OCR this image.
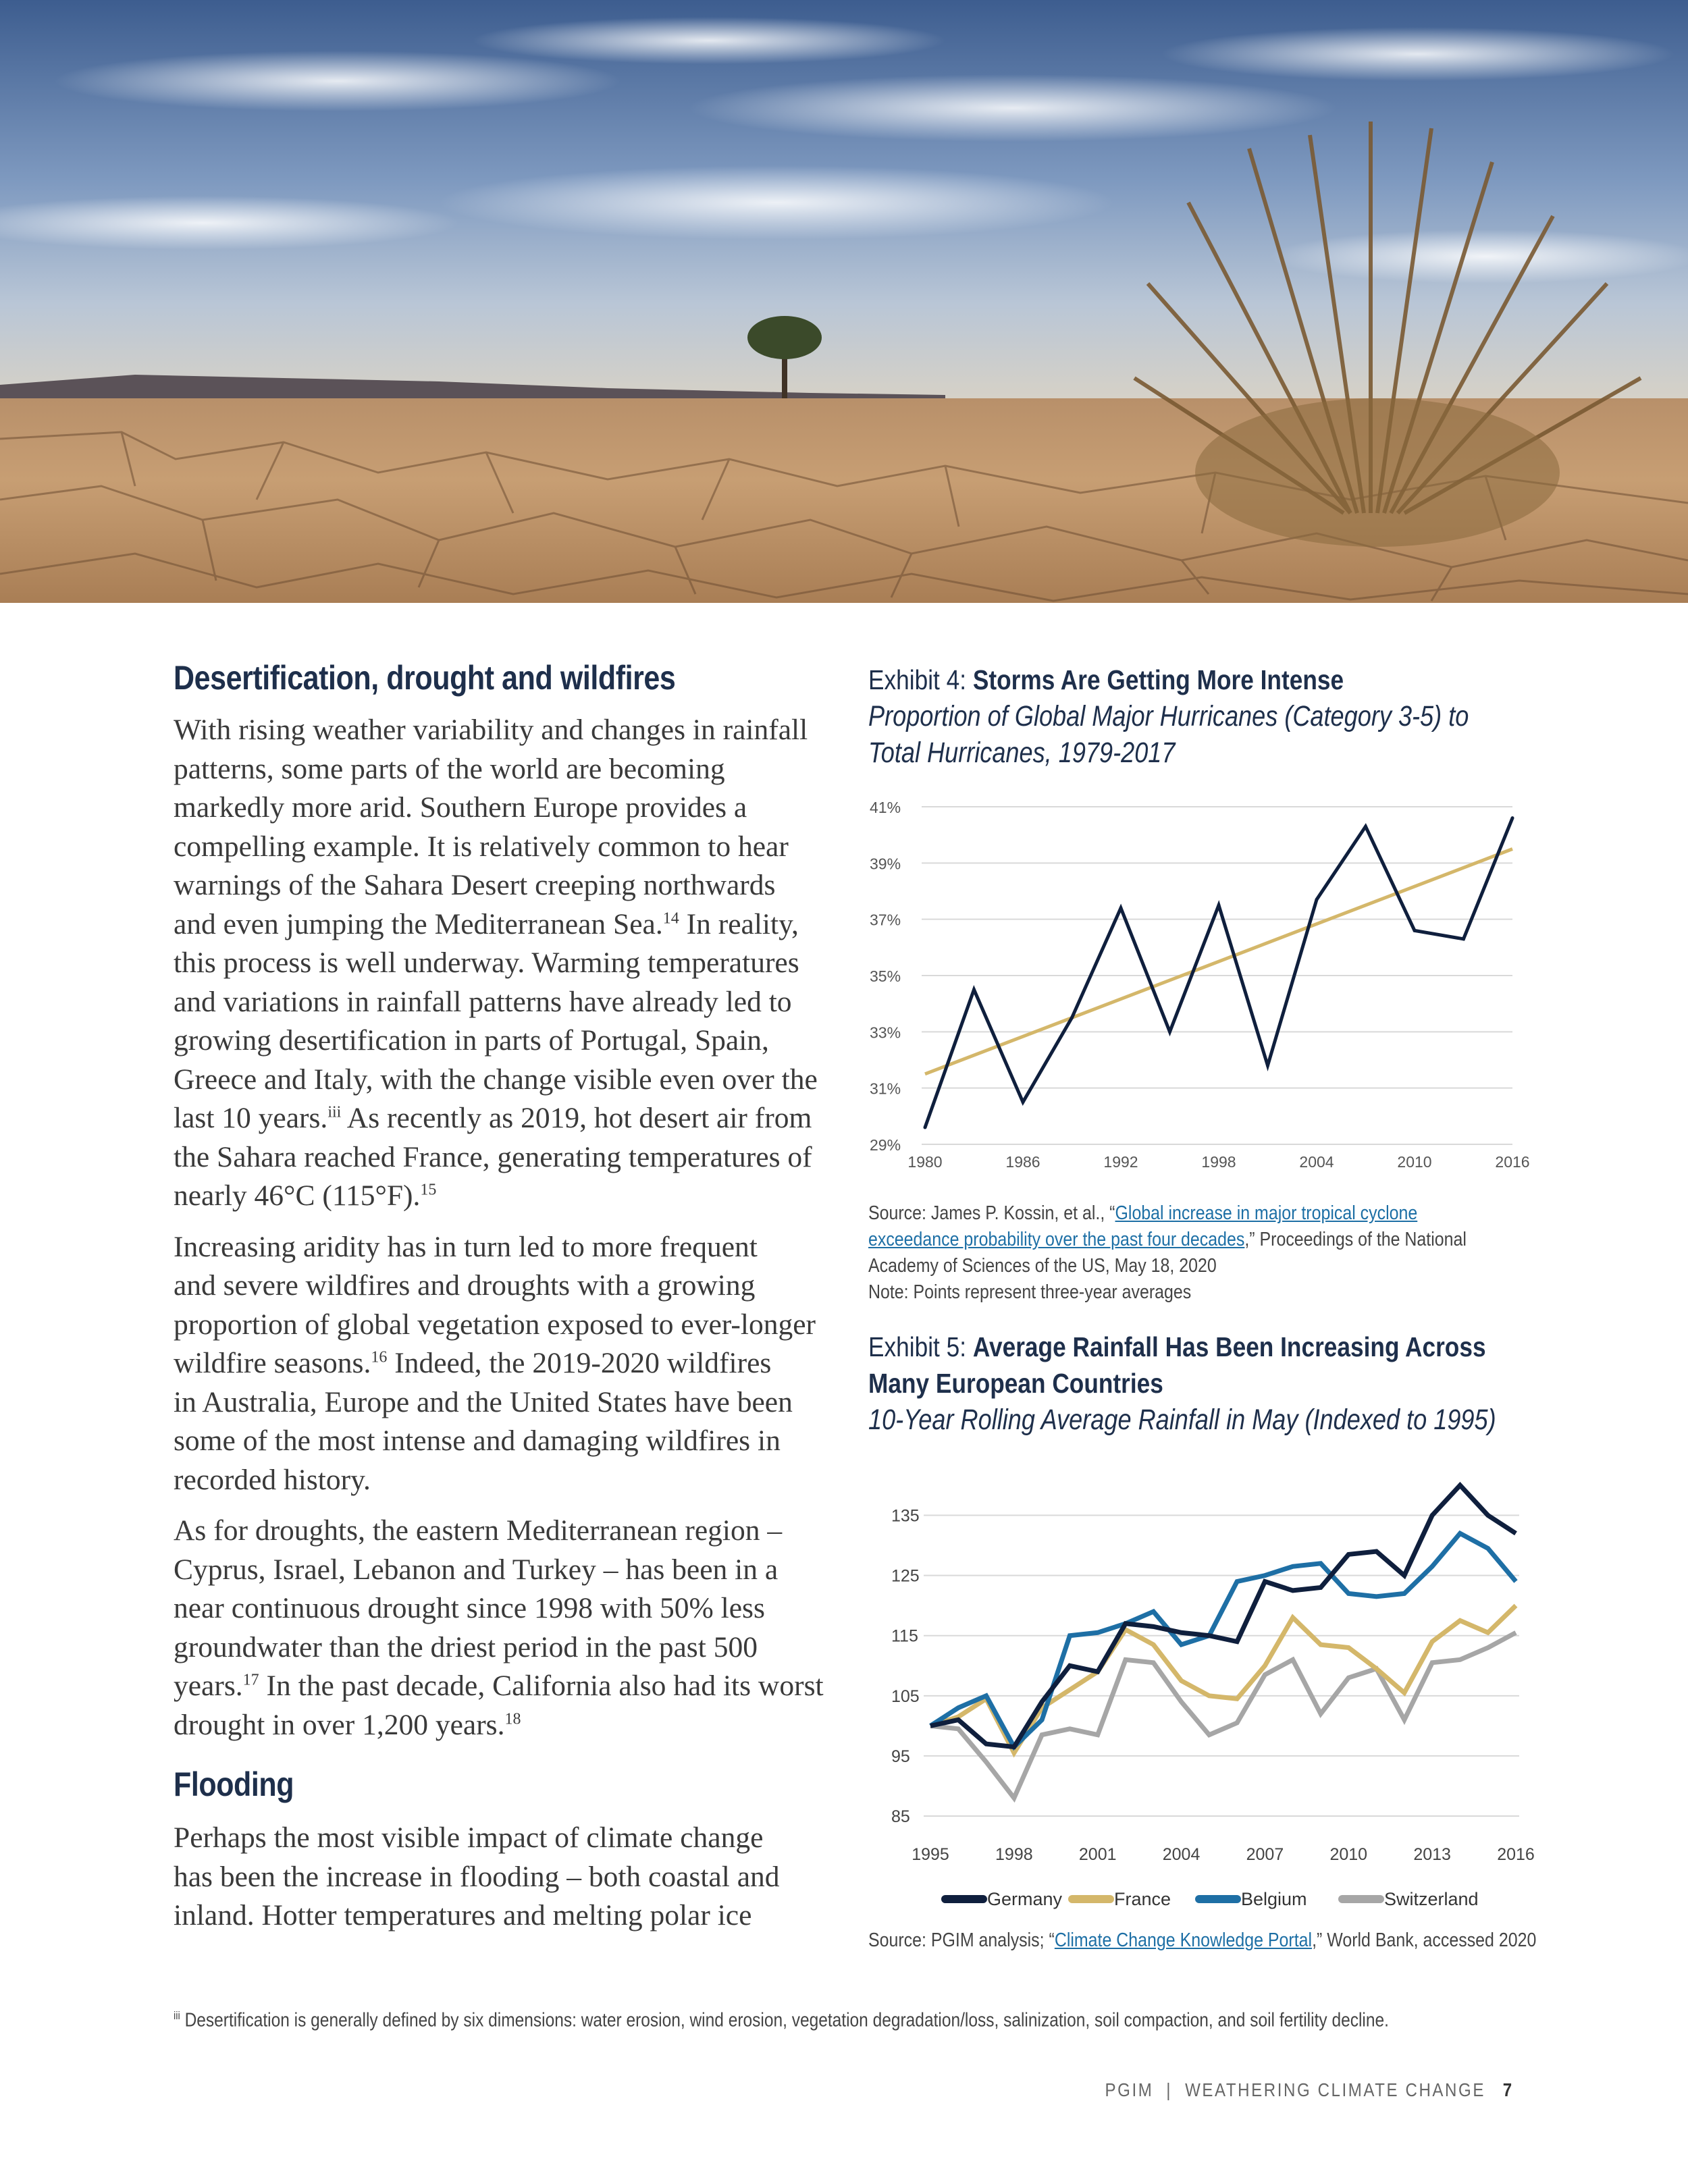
Desertification, drought and wildfires
With rising weather variability and changes in rainfall
patterns, some parts of the world are becoming
markedly more arid. Southern Europe provides a
compelling example. It is relatively common to hear
warnings of the Sahara Desert creeping northwards
and even jumping the Mediterranean Sea.$^{14}$ In reality,
this process is well underway. Warming temperatures
and variations in rainfall patterns have already led to
growing desertification in parts of Portugal, Spain,
Greece and Italy, with the change visible even over the
last 10 years.$^{iii}$ As recently as 2019, hot desert air from
the Sahara reached France, generating temperatures of
nearly 46°C (115°F).$^{15}$
Increasing aridity has in turn led to more frequent
and severe wildfires and droughts with a growing
proportion of global vegetation exposed to ever-longer
wildfire seasons.$^{16}$ Indeed, the 2019-2020 wildfires
in Australia, Europe and the United States have been
some of the most intense and damaging wildfires in
recorded history.
As for droughts, the eastern Mediterranean region –
Cyprus, Israel, Lebanon and Turkey – has been in a
near continuous drought since 1998 with 50% less
groundwater than the driest period in the past 500
years.$^{17}$ In the past decade, California also had its worst
drought in over 1,200 years.$^{18}$
Flooding
Perhaps the most visible impact of climate change
has been the increase in flooding – both coastal and
inland. Hotter temperatures and melting polar ice
Exhibit 4: Storms Are Getting More Intense
Proportion of Global Major Hurricanes (Category 3-5) to
Total Hurricanes, 1979-2017
41%
39%
37%
35%
33%
31%
29%
1980	1986	1992	1998	2004	2010	2016
Source: James P. Kossin, et al., “Global increase in major tropical cyclone
exceedance probability over the past four decades,” Proceedings of the National
Academy of Sciences of the US, May 18, 2020
Note: Points represent three-year averages
Exhibit 5: Average Rainfall Has Been Increasing Across
Many European Countries
10-Year Rolling Average Rainfall in May (Indexed to 1995)
135
125
115
105
95
85
1995	1998	2001	2004	2007	2010	2013	2016
Germany	France	Belgium	Switzerland
Source: PGIM analysis; “Climate Change Knowledge Portal,” World Bank, accessed 2020
$^{iii}$ Desertification is generally defined by six dimensions: water erosion, wind erosion, vegetation degradation/loss, salinization, soil compaction, and soil fertility decline.
PGIM | WEATHERING CLIMATE CHANGE 7
